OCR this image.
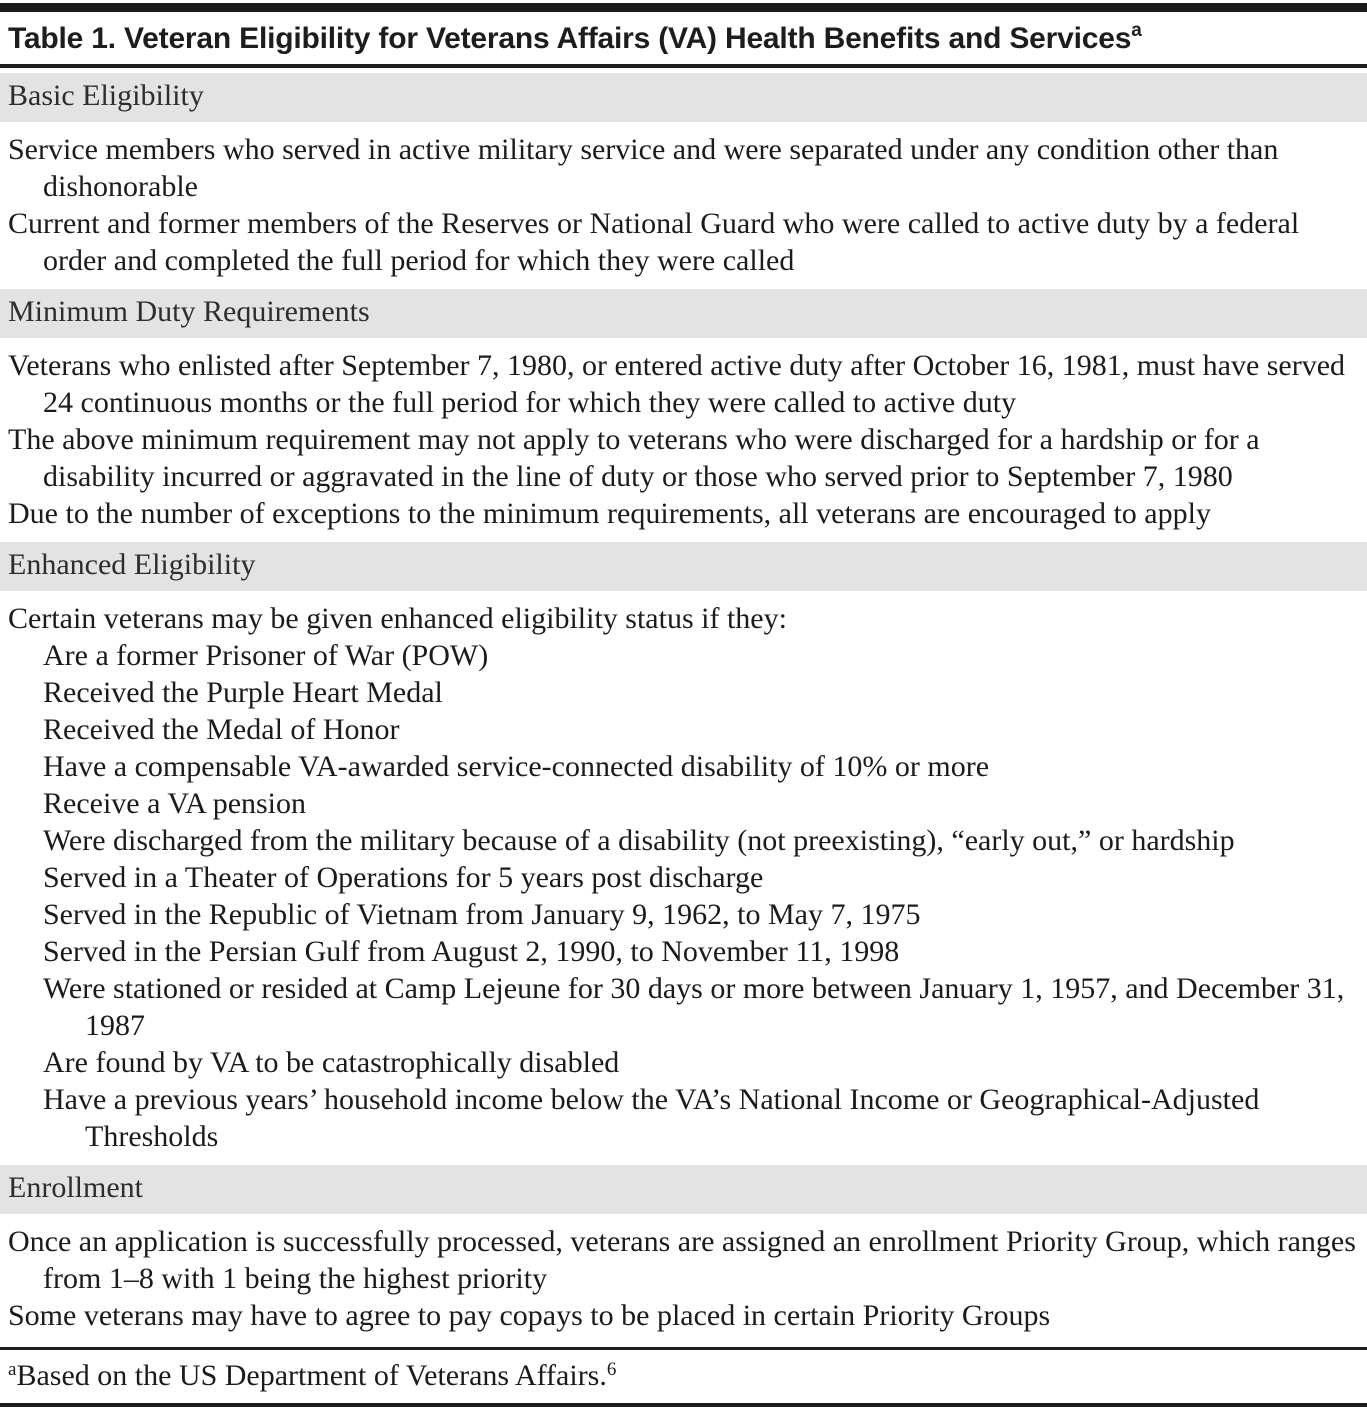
Table 1. Veteran Eligibility for Veterans Affairs (VA) Health Benefits and Services$^a$
Basic Eligibility
Service members who served in active military service and were separated under any condition other than dishonorable
Current and former members of the Reserves or National Guard who were called to active duty by a federal order and completed the full period for which they were called
Minimum Duty Requirements
Veterans who enlisted after September 7, 1980, or entered active duty after October 16, 1981, must have served 24 continuous months or the full period for which they were called to active duty
The above minimum requirement may not apply to veterans who were discharged for a hardship or for a disability incurred or aggravated in the line of duty or those who served prior to September 7, 1980
Due to the number of exceptions to the minimum requirements, all veterans are encouraged to apply
Enhanced Eligibility
Certain veterans may be given enhanced eligibility status if they:
Are a former Prisoner of War (POW)
Received the Purple Heart Medal
Received the Medal of Honor
Have a compensable VA-awarded service-connected disability of 10% or more
Receive a VA pension
Were discharged from the military because of a disability (not preexisting), “early out,” or hardship
Served in a Theater of Operations for 5 years post discharge
Served in the Republic of Vietnam from January 9, 1962, to May 7, 1975
Served in the Persian Gulf from August 2, 1990, to November 11, 1998
Were stationed or resided at Camp Lejeune for 30 days or more between January 1, 1957, and December 31, 1987
Are found by VA to be catastrophically disabled
Have a previous years’ household income below the VA’s National Income or Geographical-Adjusted Thresholds
Enrollment
Once an application is successfully processed, veterans are assigned an enrollment Priority Group, which ranges from 1–8 with 1 being the highest priority
Some veterans may have to agree to pay copays to be placed in certain Priority Groups
$^a$Based on the US Department of Veterans Affairs.$^6$
